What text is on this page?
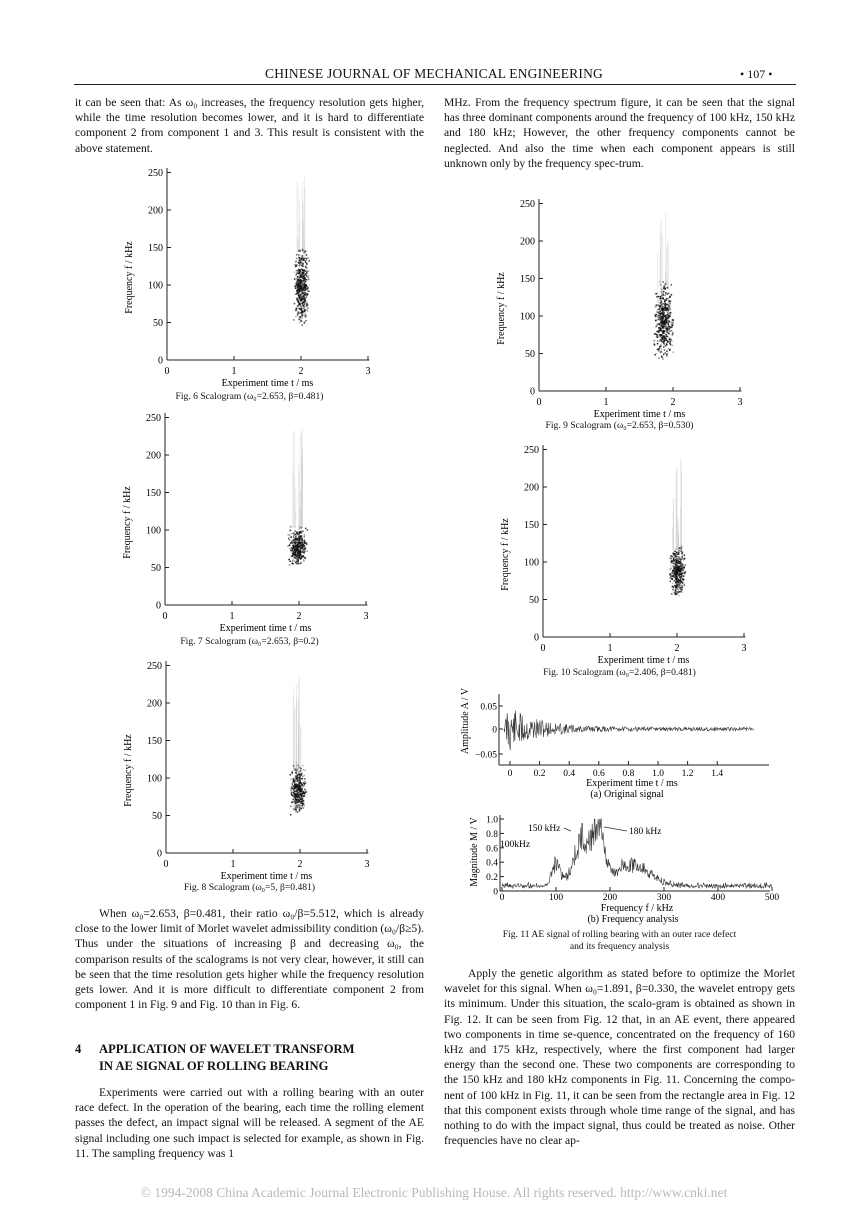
CHINESE JOURNAL OF MECHANICAL ENGINEERING	• 107 •

it can be seen that: As ω₀ increases, the frequency resolution gets higher, while the time resolution becomes lower, and it is hard to differentiate component 2 from component 1 and 3. This result is consistent with the above statement.

When ω₀=2.653, β=0.481, their ratio ω₀/β=5.512, which is already close to the lower limit of Morlet wavelet admissibility condition (ω₀/β≥5). Thus under the situations of increasing β and decreasing ω₀, the comparison results of the scalograms is not very clear, however, it still can be seen that the time resolution gets higher while the frequency resolution gets lower. And it is more difficult to differentiate component 2 from component 1 in Fig. 9 and Fig. 10 than in Fig. 6.

4	APPLICATION OF WAVELET TRANSFORM
IN AE SIGNAL OF ROLLING BEARING

Experiments were carried out with a rolling bearing with an outer race defect. In the operation of the bearing, each time the rolling element passes the defect, an impact signal will be released. A segment of the AE signal including one such impact is selected for example, as shown in Fig. 11. The sampling frequency was 1

MHz. From the frequency spectrum figure, it can be seen that the signal has three dominant components around the frequency of 100 kHz, 150 kHz and 180 kHz; However, the other frequency components cannot be neglected. And also the time when each component appears is still unknown only by the frequency spec-trum.

Apply the genetic algorithm as stated before to optimize the Morlet wavelet for this signal. When ω₀=1.891, β=0.330, the wavelet entropy gets its minimum. Under this situation, the scalo-gram is obtained as shown in Fig. 12. It can be seen from Fig. 12 that, in an AE event, there appeared two components in time se-quence, concentrated on the frequency of 160 kHz and 175 kHz, respectively, where the first component had larger energy than the second one. These two components are corresponding to the 150 kHz and 180 kHz components in Fig. 11. Concerning the compo-nent of 100 kHz in Fig. 11, it can be seen from the rectangle area in Fig. 12 that this component exists through whole time range of the signal, and has nothing to do with the impact signal, thus could be treated as noise. Other frequencies have no clear ap-

0
50
100
150
200
250
0	1	2	3
Frequency f / kHz
Experiment time t / ms
0
50
100
150
200
250
0	1	2	3
Frequency f / kHz
Experiment time t / ms
0
50
100
150
200
250
0	1	2	3
Frequency f / kHz
Experiment time t / ms
0
50
100
150
200
250
0	1	2	3
Frequency f / kHz
Experiment time t / ms
0
50
100
150
200
250
0	1	2	3
Frequency f / kHz
Experiment time t / ms
Fig. 6 Scalogram (ω₀=2.653, β=0.481)
Fig. 7 Scalogram (ω₀=2.653, β=0.2)
Fig. 8 Scalogram (ω₀=5, β=0.481)
Fig. 9 Scalogram (ω₀=2.653, β=0.530)
Fig. 10 Scalogram (ω₀=2.406, β=0.481)
Amplitude A / V 0.05
0
−0.05
0 0.2 0.4 0.6 0.8 1.0 1.2 1.4
Experiment time t / ms
(a) Original signal
Magnitude M / V 1.0
0.8
0.6
0.4
0.2
0
0	100	200	300	400	500
150 kHz	180 kHz
100kHz
Frequency f / kHz
(b) Frequency analysis
Fig. 11 AE signal of rolling bearing with an outer race defect
and its frequency analysis
© 1994-2008 China Academic Journal Electronic Publishing House. All rights reserved. http://www.cnki.net
